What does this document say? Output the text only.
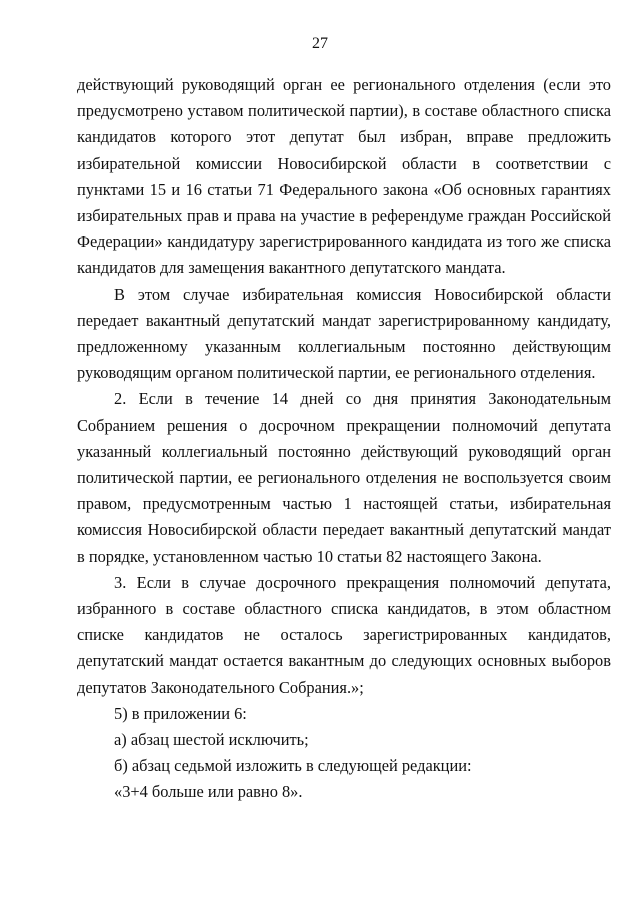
27

действующий руководящий орган ее регионального отделения (если это предусмотрено уставом политической партии), в составе областного списка кандидатов которого этот депутат был избран, вправе предложить избирательной комиссии Новосибирской области в соответствии с пунктами 15 и 16 статьи 71 Федерального закона «Об основных гарантиях избирательных прав и права на участие в референдуме граждан Российской Федерации» кандидатуру зарегистрированного кандидата из того же списка кандидатов для замещения вакантного депутатского мандата.

В этом случае избирательная комиссия Новосибирской области передает вакантный депутатский мандат зарегистрированному кандидату, предложенному указанным коллегиальным постоянно действующим руководящим органом политической партии, ее регионального отделения.

2. Если в течение 14 дней со дня принятия Законодательным Собранием решения о досрочном прекращении полномочий депутата указанный коллегиальный постоянно действующий руководящий орган политической партии, ее регионального отделения не воспользуется своим правом, предусмотренным частью 1 настоящей статьи, избирательная комиссия Новосибирской области передает вакантный депутатский мандат в порядке, установленном частью 10 статьи 82 настоящего Закона.

3. Если в случае досрочного прекращения полномочий депутата, избранного в составе областного списка кандидатов, в этом областном списке кандидатов не осталось зарегистрированных кандидатов, депутатский мандат остается вакантным до следующих основных выборов депутатов Законодательного Собрания.»;

5) в приложении 6:

а) абзац шестой исключить;

б) абзац седьмой изложить в следующей редакции:

«3+4 больше или равно 8».
